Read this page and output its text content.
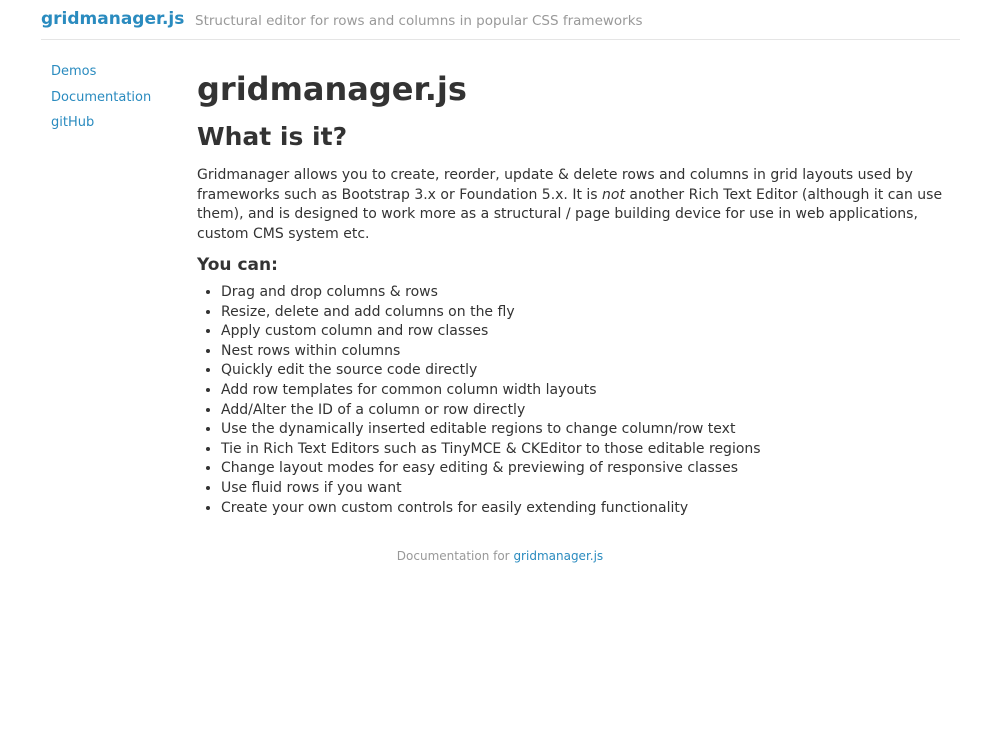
gridmanager.js Structural editor for rows and columns in popular CSS frameworks
Demos
Documentation
gitHub
gridmanager.js
What is it?

Gridmanager allows you to create, reorder, update & delete rows and columns in grid layouts used by frameworks such as Bootstrap 3.x or Foundation 5.x. It is not another Rich Text Editor (although it can use them), and is designed to work more as a structural / page building device for use in web applications, custom CMS system etc.

You can:
• Drag and drop columns & rows
• Resize, delete and add columns on the fly
• Apply custom column and row classes
• Nest rows within columns
• Quickly edit the source code directly
• Add row templates for common column width layouts
• Add/Alter the ID of a column or row directly
• Use the dynamically inserted editable regions to change column/row text
• Tie in Rich Text Editors such as TinyMCE & CKEditor to those editable regions
• Change layout modes for easy editing & previewing of responsive classes
• Use fluid rows if you want
• Create your own custom controls for easily extending functionality
Documentation for gridmanager.js
